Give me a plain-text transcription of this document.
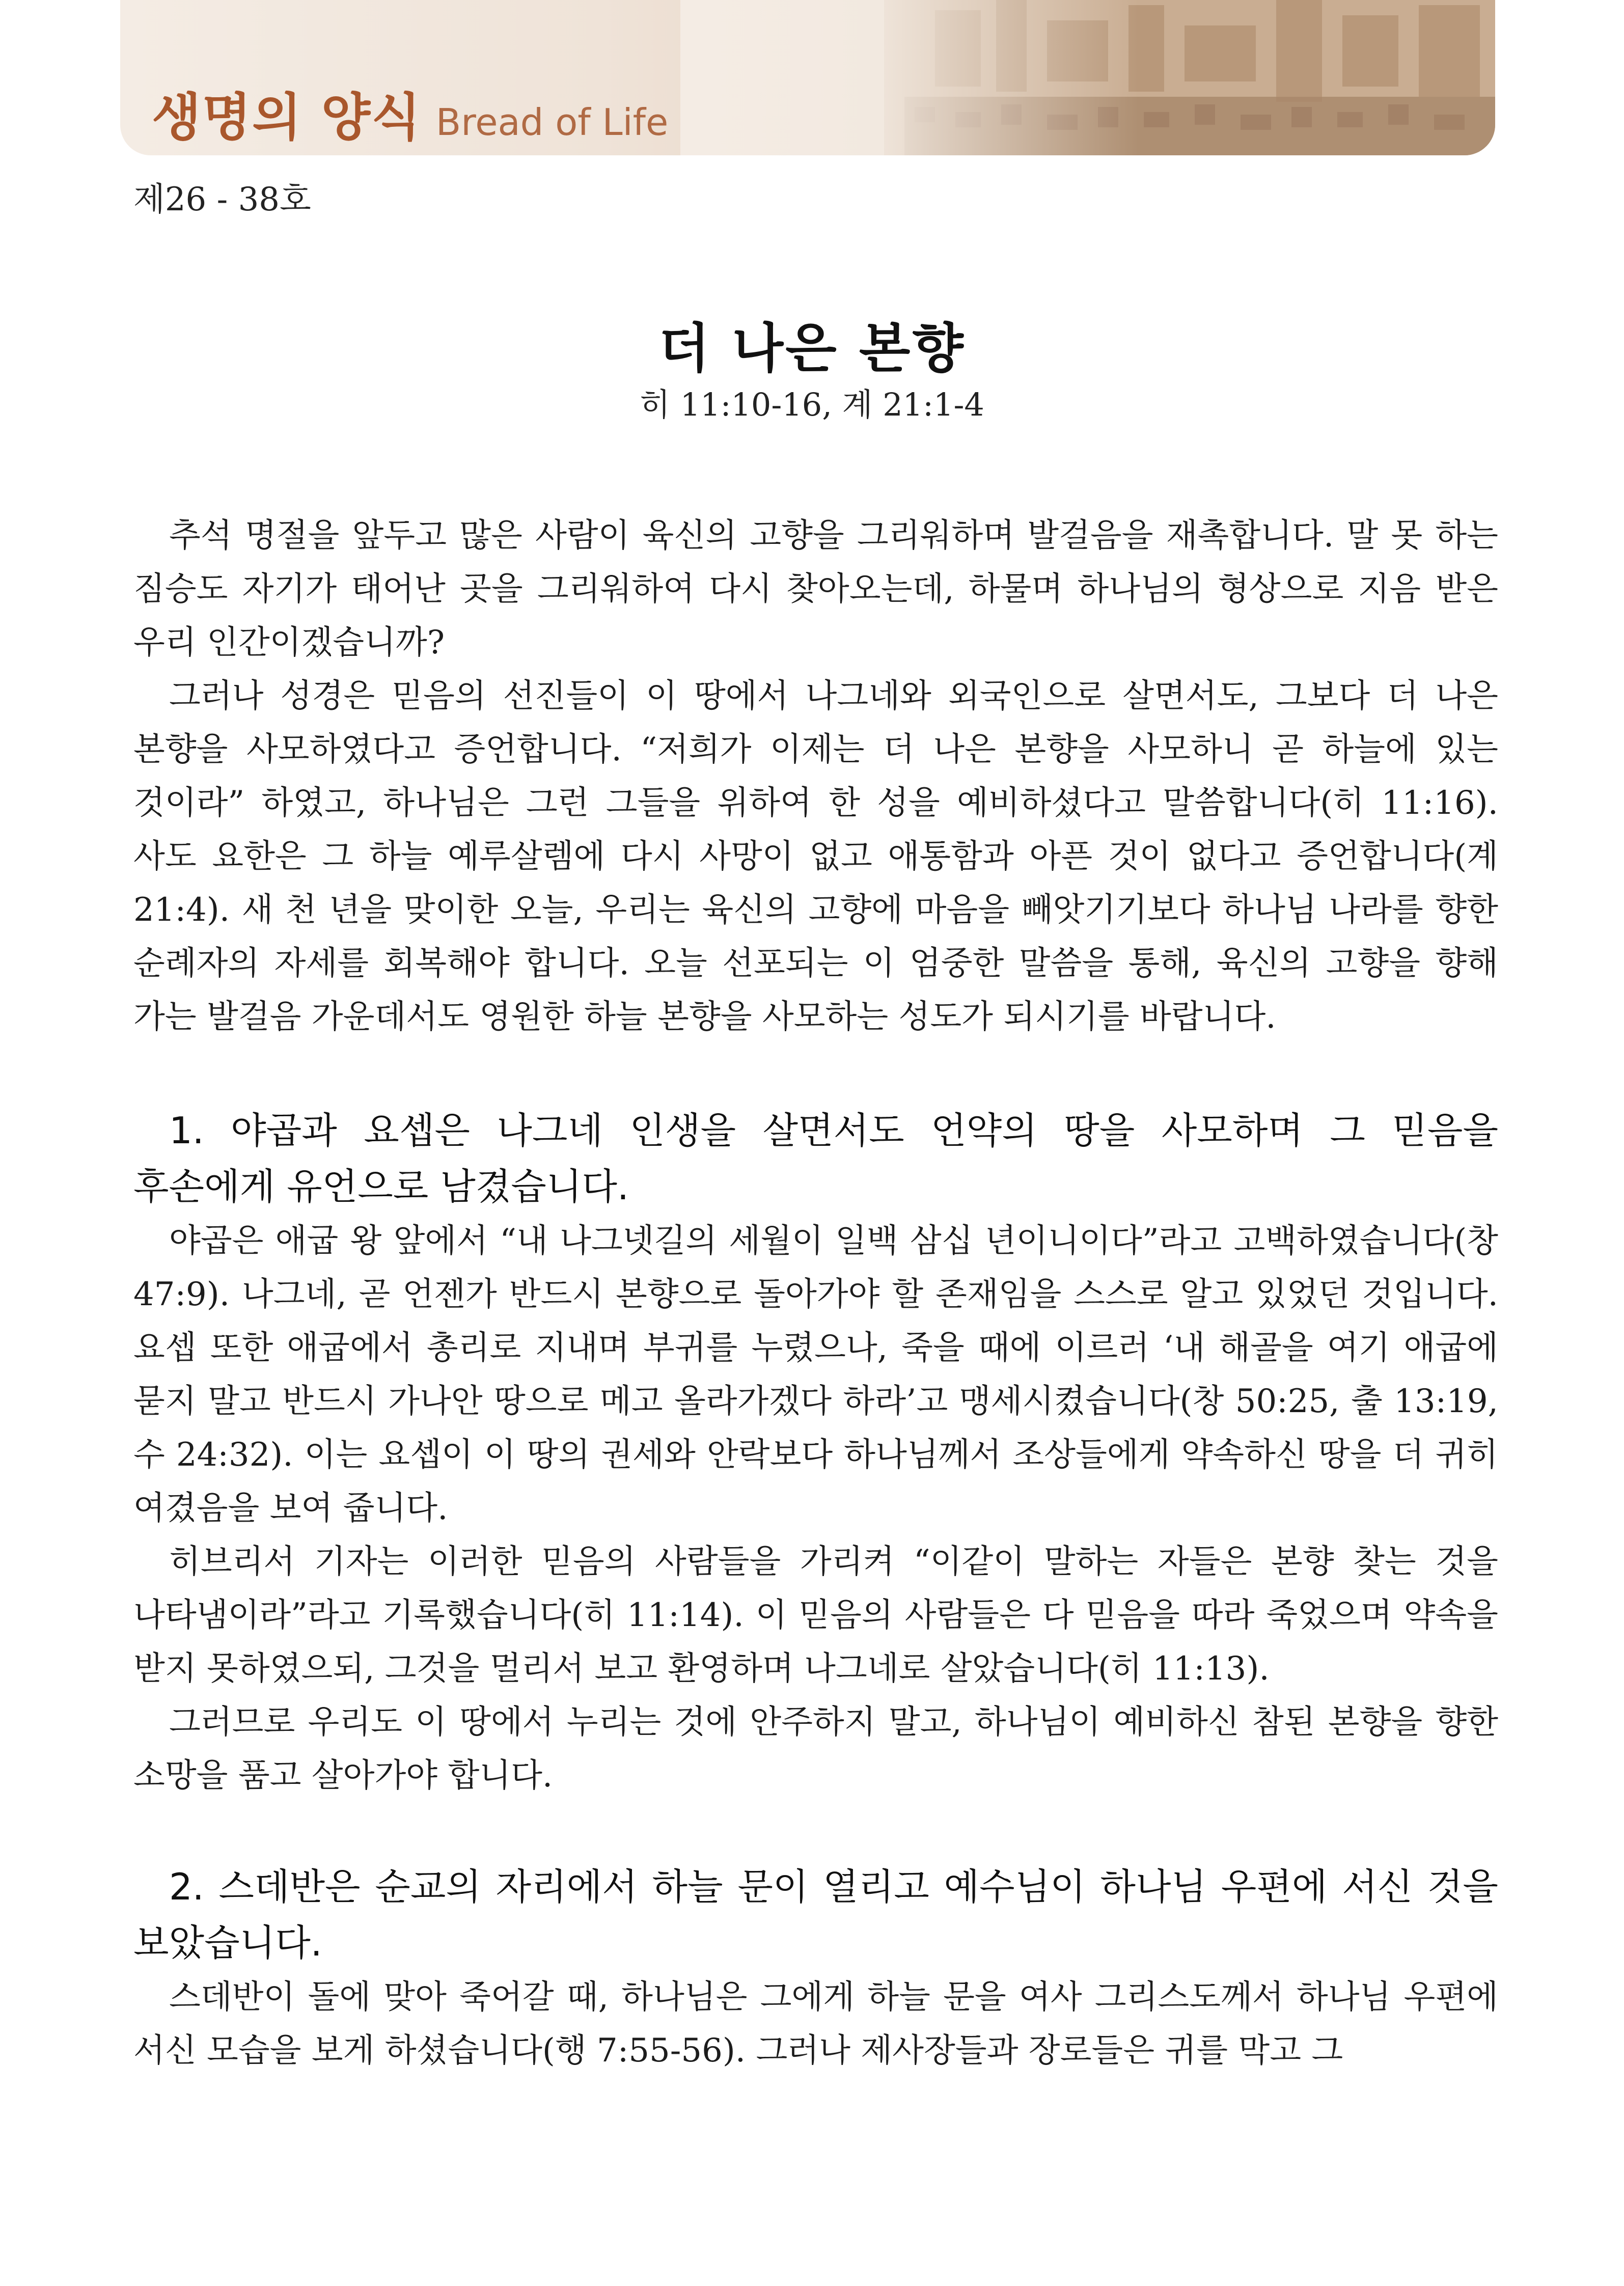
생명의 양식 Bread of Life
제26 - 38호
더 나은 본향
히 11:10-16, 계 21:1-4

추석 명절을 앞두고 많은 사람이 육신의 고향을 그리워하며 발걸음을 재촉합니다. 말 못 하는 짐승도 자기가 태어난 곳을 그리워하여 다시 찾아오는데, 하물며 하나님의 형상으로 지음 받은 우리 인간이겠습니까?

그러나 성경은 믿음의 선진들이 이 땅에서 나그네와 외국인으로 살면서도, 그보다 더 나은 본향을 사모하였다고 증언합니다. “저희가 이제는 더 나은 본향을 사모하니 곧 하늘에 있는 것이라” 하였고, 하나님은 그런 그들을 위하여 한 성을 예비하셨다고 말씀합니다(히 11:16). 사도 요한은 그 하늘 예루살렘에 다시 사망이 없고 애통함과 아픈 것이 없다고 증언합니다(계 21:4). 새 천 년을 맞이한 오늘, 우리는 육신의 고향에 마음을 빼앗기기보다 하나님 나라를 향한 순례자의 자세를 회복해야 합니다. 오늘 선포되는 이 엄중한 말씀을 통해, 육신의 고향을 향해 가는 발걸음 가운데서도 영원한 하늘 본향을 사모하는 성도가 되시기를 바랍니다.

1. 야곱과 요셉은 나그네 인생을 살면서도 언약의 땅을 사모하며 그 믿음을 후손에게 유언으로 남겼습니다.

야곱은 애굽 왕 앞에서 “내 나그넷길의 세월이 일백 삼십 년이니이다”라고 고백하였습니다(창 47:9). 나그네, 곧 언젠가 반드시 본향으로 돌아가야 할 존재임을 스스로 알고 있었던 것입니다. 요셉 또한 애굽에서 총리로 지내며 부귀를 누렸으나, 죽을 때에 이르러 ‘내 해골을 여기 애굽에 묻지 말고 반드시 가나안 땅으로 메고 올라가겠다 하라’고 맹세시켰습니다(창 50:25, 출 13:19, 수 24:32). 이는 요셉이 이 땅의 권세와 안락보다 하나님께서 조상들에게 약속하신 땅을 더 귀히 여겼음을 보여 줍니다.

히브리서 기자는 이러한 믿음의 사람들을 가리켜 “이같이 말하는 자들은 본향 찾는 것을 나타냄이라”라고 기록했습니다(히 11:14). 이 믿음의 사람들은 다 믿음을 따라 죽었으며 약속을 받지 못하였으되, 그것을 멀리서 보고 환영하며 나그네로 살았습니다(히 11:13).

그러므로 우리도 이 땅에서 누리는 것에 안주하지 말고, 하나님이 예비하신 참된 본향을 향한 소망을 품고 살아가야 합니다.

2. 스데반은 순교의 자리에서 하늘 문이 열리고 예수님이 하나님 우편에 서신 것을 보았습니다.

스데반이 돌에 맞아 죽어갈 때, 하나님은 그에게 하늘 문을 여사 그리스도께서 하나님 우편에 서신 모습을 보게 하셨습니다(행 7:55-56). 그러나 제사장들과 장로들은 귀를 막고 그
